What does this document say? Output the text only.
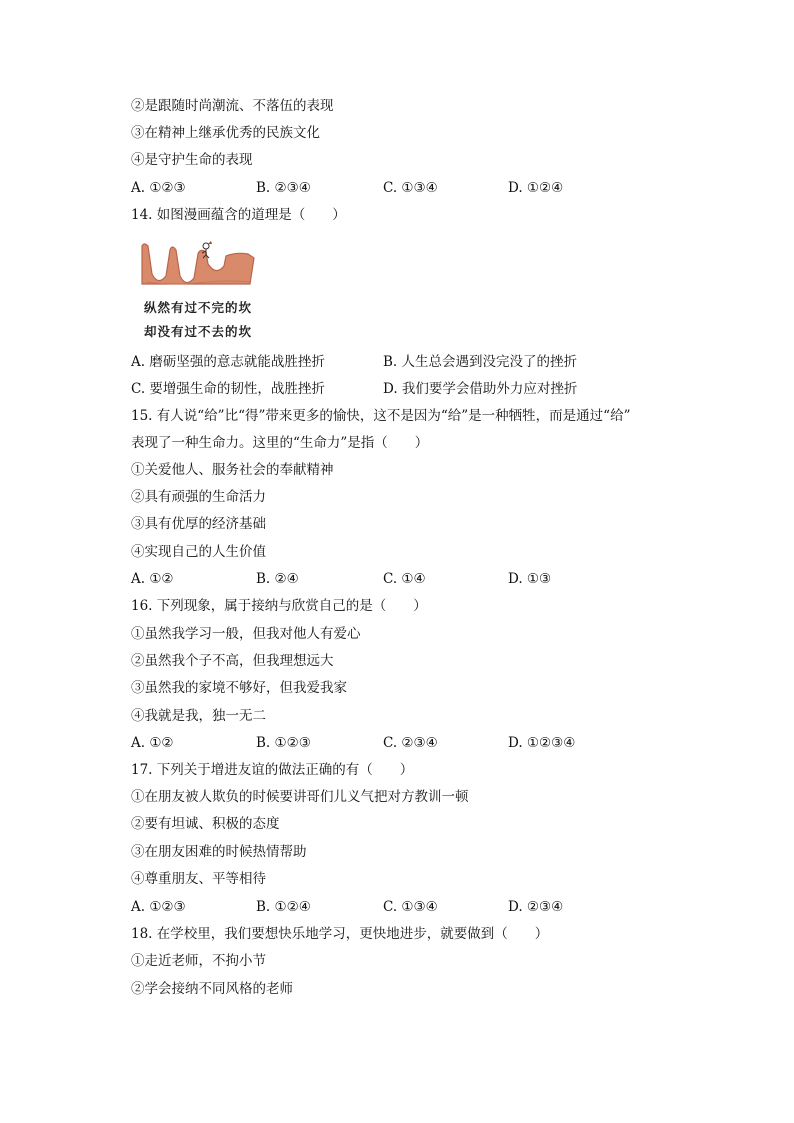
②是跟随时尚潮流、不落伍的表现
③在精神上继承优秀的民族文化
④是守护生命的表现
A. ①②③	B. ②③④	C. ①③④	D. ①②④
14. 如图漫画蕴含的道理是（　　）
纵然有过不完的坎
却没有过不去的坎
A. 磨砺坚强的意志就能战胜挫折	B. 人生总会遇到没完没了的挫折
C. 要增强生命的韧性，战胜挫折	D. 我们要学会借助外力应对挫折
15. 有人说“给”比“得”带来更多的愉快，这不是因为“给”是一种牺牲，而是通过“给”
表现了一种生命力。这里的“生命力”是指（　　）
①关爱他人、服务社会的奉献精神
②具有顽强的生命活力
③具有优厚的经济基础
④实现自己的人生价值
A. ①②	B. ②④	C. ①④	D. ①③
16. 下列现象，属于接纳与欣赏自己的是（　　）
①虽然我学习一般，但我对他人有爱心
②虽然我个子不高，但我理想远大
③虽然我的家境不够好，但我爱我家
④我就是我，独一无二
A. ①②	B. ①②③	C. ②③④	D. ①②③④
17. 下列关于增进友谊的做法正确的有（　　）
①在朋友被人欺负的时候要讲哥们儿义气把对方教训一顿
②要有坦诚、积极的态度
③在朋友困难的时候热情帮助
④尊重朋友、平等相待
A. ①②③	B. ①②④	C. ①③④	D. ②③④
18. 在学校里，我们要想快乐地学习，更快地进步，就要做到（　　）
①走近老师，不拘小节
②学会接纳不同风格的老师
